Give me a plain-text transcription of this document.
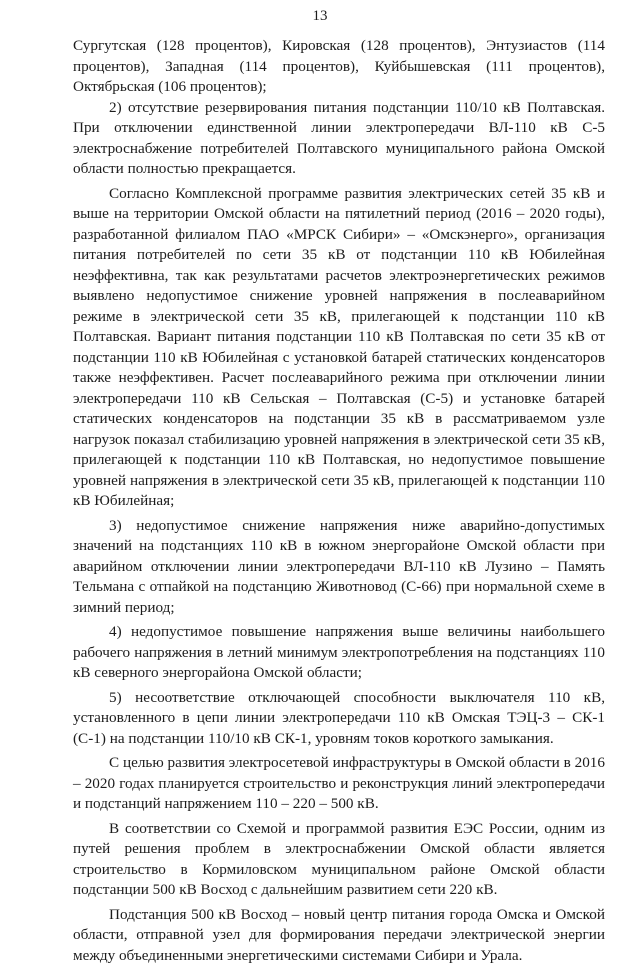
13

Сургутская (128 процентов), Кировская (128 процентов), Энтузиастов (114 процентов), Западная (114 процентов), Куйбышевская (111 процентов), Октябрьская (106 процентов);

2) отсутствие резервирования питания подстанции 110/10 кВ Полтавская. При отключении единственной линии электропередачи ВЛ-110 кВ С-5 электроснабжение потребителей Полтавского муниципального района Омской области полностью прекращается.

Согласно Комплексной программе развития электрических сетей 35 кВ и выше на территории Омской области на пятилетний период (2016 – 2020 годы), разработанной филиалом ПАО «МРСК Сибири» – «Омскэнерго», организация питания потребителей по сети 35 кВ от подстанции 110 кВ Юбилейная неэффективна, так как результатами расчетов электроэнергетических режимов выявлено недопустимое снижение уровней напряжения в послеаварийном режиме в электрической сети 35 кВ, прилегающей к подстанции 110 кВ Полтавская. Вариант питания подстанции 110 кВ Полтавская по сети 35 кВ от подстанции 110 кВ Юбилейная с установкой батарей статических конденсаторов также неэффективен. Расчет послеаварийного режима при отключении линии электропередачи 110 кВ Сельская – Полтавская (С-5) и установке батарей статических конденсаторов на подстанции 35 кВ в рассматриваемом узле нагрузок показал стабилизацию уровней напряжения в электрической сети 35 кВ, прилегающей к подстанции 110 кВ Полтавская, но недопустимое повышение уровней напряжения в электрической сети 35 кВ, прилегающей к подстанции 110 кВ Юбилейная;

3) недопустимое снижение напряжения ниже аварийно-допустимых значений на подстанциях 110 кВ в южном энергорайоне Омской области при аварийном отключении линии электропередачи ВЛ-110 кВ Лузино – Память Тельмана с отпайкой на подстанцию Животновод (С-66) при нормальной схеме в зимний период;

4) недопустимое повышение напряжения выше величины наибольшего рабочего напряжения в летний минимум электропотребления на подстанциях 110 кВ северного энергорайона Омской области;

5) несоответствие отключающей способности выключателя 110 кВ, установленного в цепи линии электропередачи 110 кВ Омская ТЭЦ-3 – СК-1 (С-1) на подстанции 110/10 кВ СК-1, уровням токов короткого замыкания.

С целью развития электросетевой инфраструктуры в Омской области в 2016 – 2020 годах планируется строительство и реконструкция линий электропередачи и подстанций напряжением 110 – 220 – 500 кВ.

В соответствии со Схемой и программой развития ЕЭС России, одним из путей решения проблем в электроснабжении Омской области является строительство в Кормиловском муниципальном районе Омской области подстанции 500 кВ Восход с дальнейшим развитием сети 220 кВ.

Подстанция 500 кВ Восход – новый центр питания города Омска и Омской области, отправной узел для формирования передачи электрической энергии между объединенными энергетическими системами Сибири и Урала.
